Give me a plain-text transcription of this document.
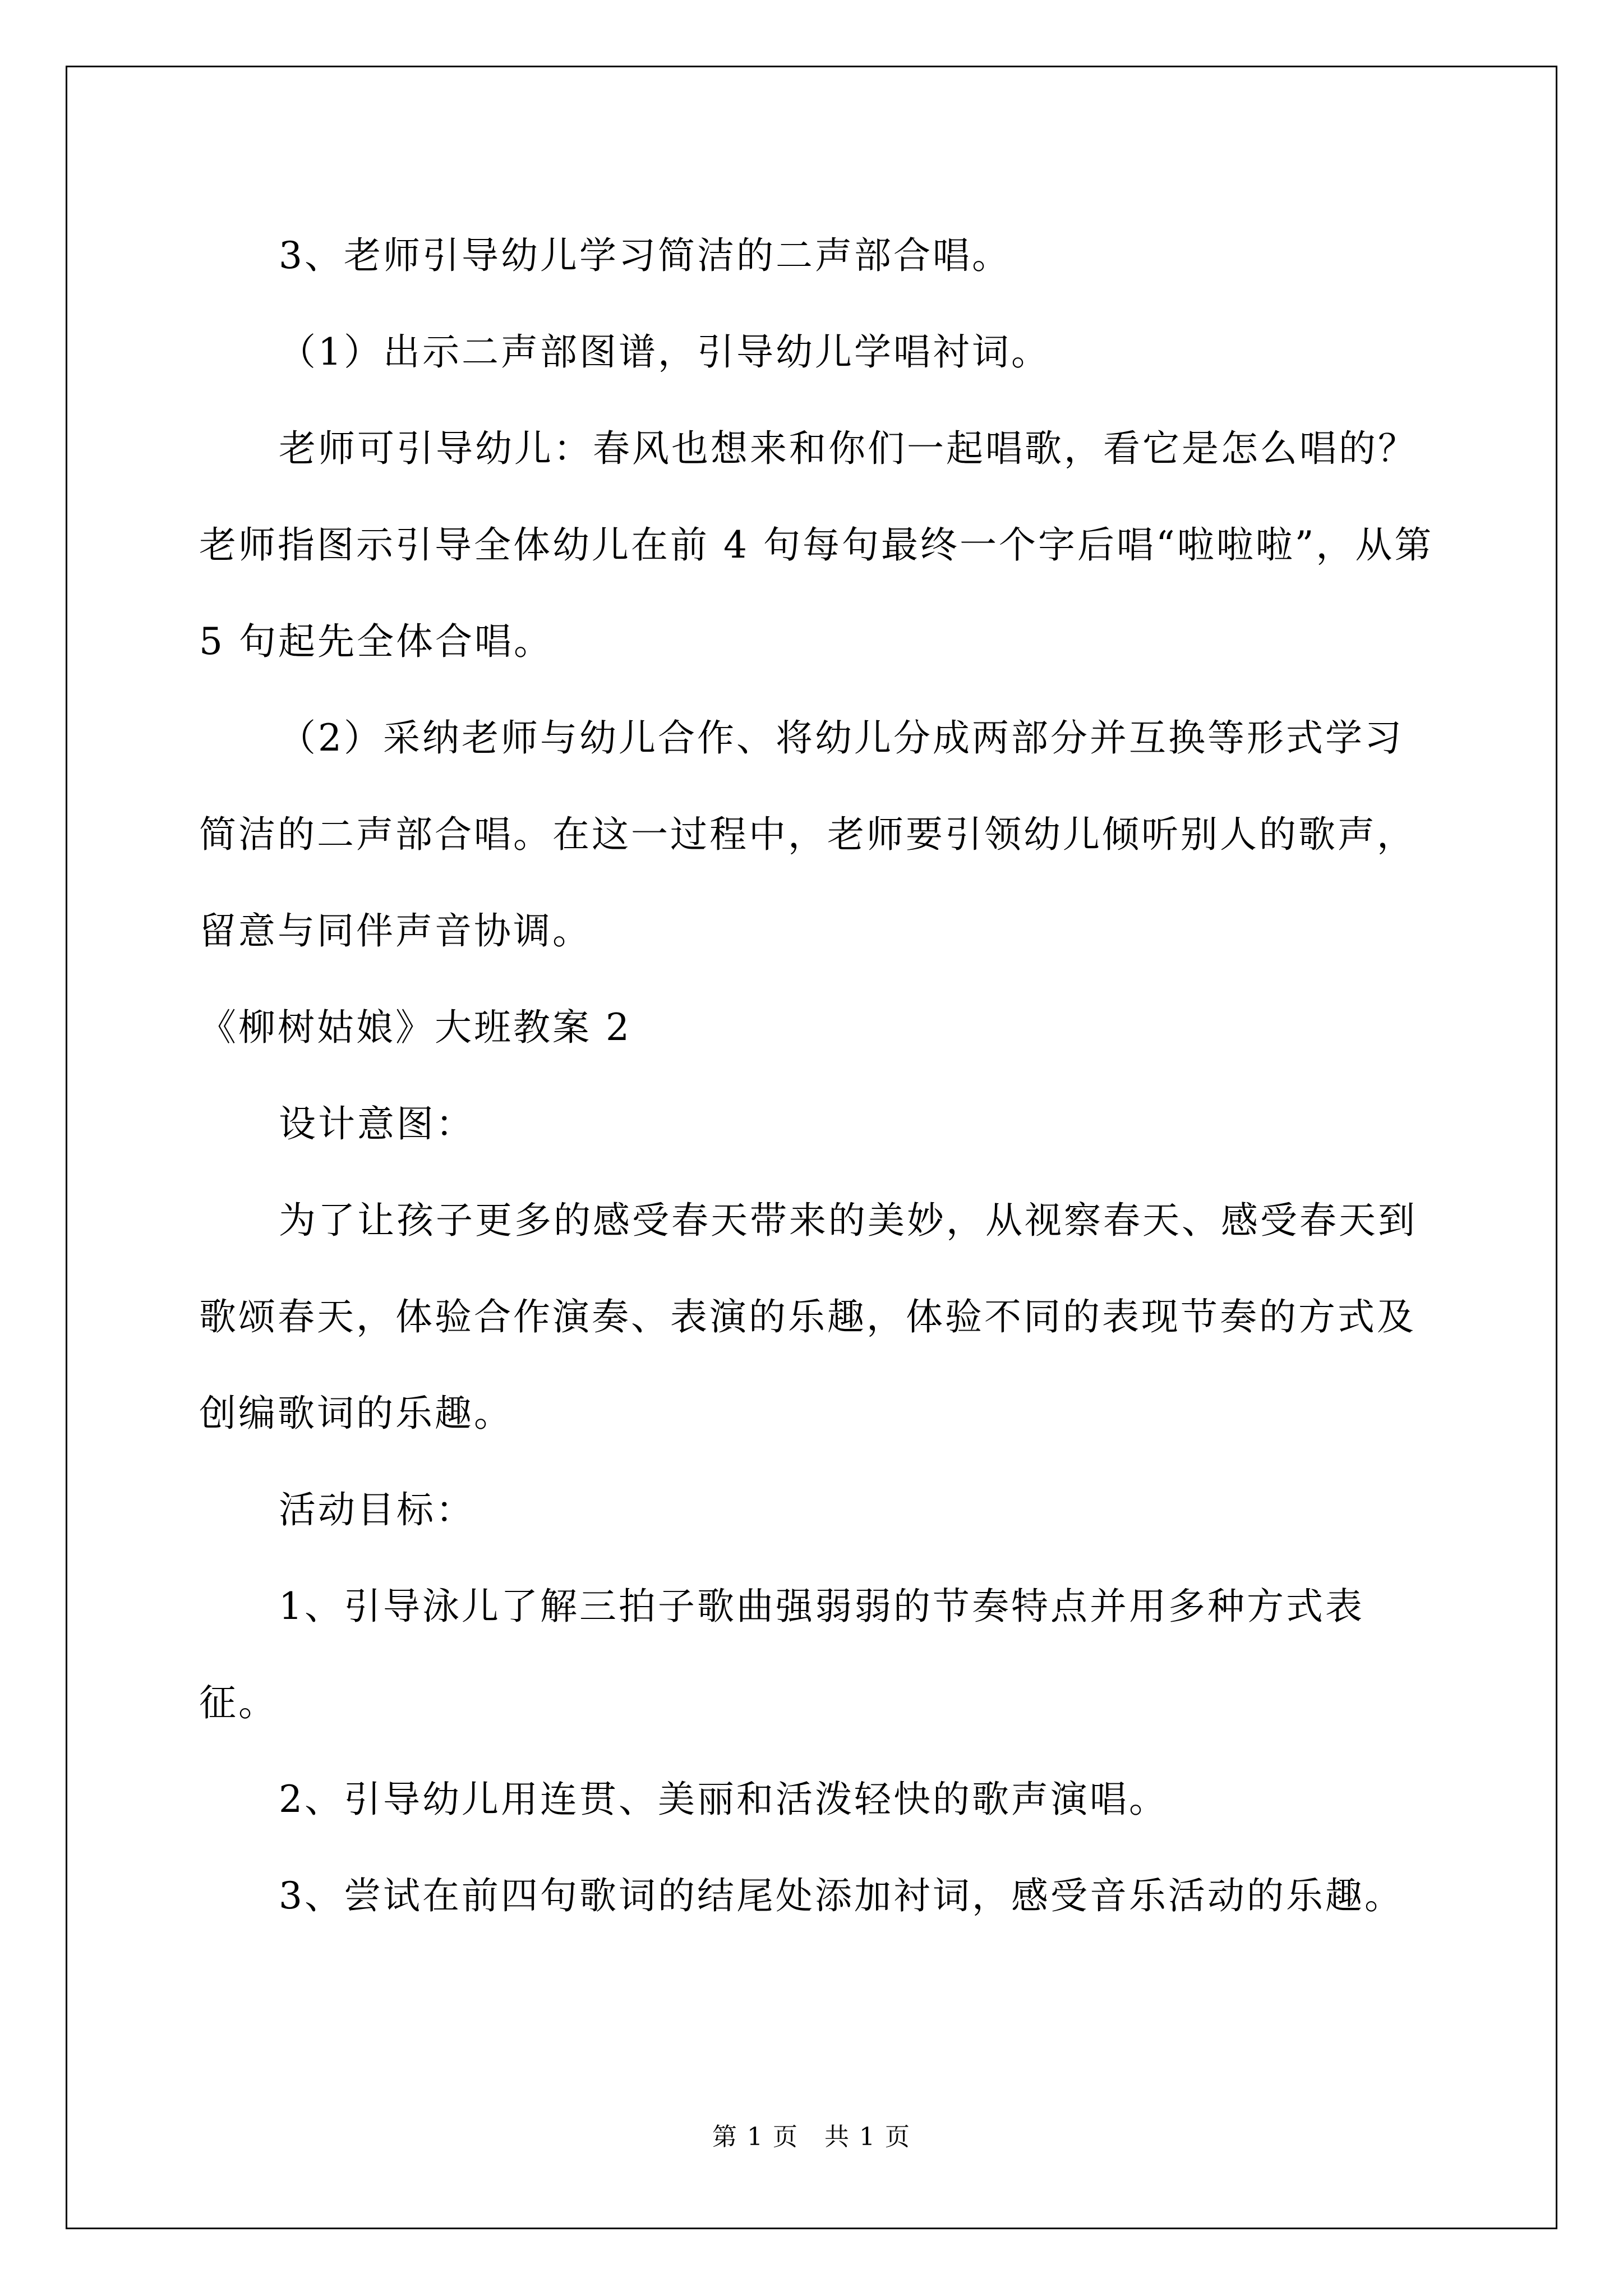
3、老师引导幼儿学习简洁的二声部合唱。

（1）出示二声部图谱，引导幼儿学唱衬词。

老师可引导幼儿：春风也想来和你们一起唱歌，看它是怎么唱的？老师指图示引导全体幼儿在前 4 句每句最终一个字后唱“啦啦啦”，从第 5 句起先全体合唱。

（2）采纳老师与幼儿合作、将幼儿分成两部分并互换等形式学习简洁的二声部合唱。在这一过程中，老师要引领幼儿倾听别人的歌声，留意与同伴声音协调。

《柳树姑娘》大班教案 2

设计意图：

为了让孩子更多的感受春天带来的美妙，从视察春天、感受春天到歌颂春天，体验合作演奏、表演的乐趣，体验不同的表现节奏的方式及创编歌词的乐趣。

活动目标：

1、引导泳儿了解三拍子歌曲强弱弱的节奏特点并用多种方式表征。

2、引导幼儿用连贯、美丽和活泼轻快的歌声演唱。

3、尝试在前四句歌词的结尾处添加衬词，感受音乐活动的乐趣。

第 1 页　共 1 页
